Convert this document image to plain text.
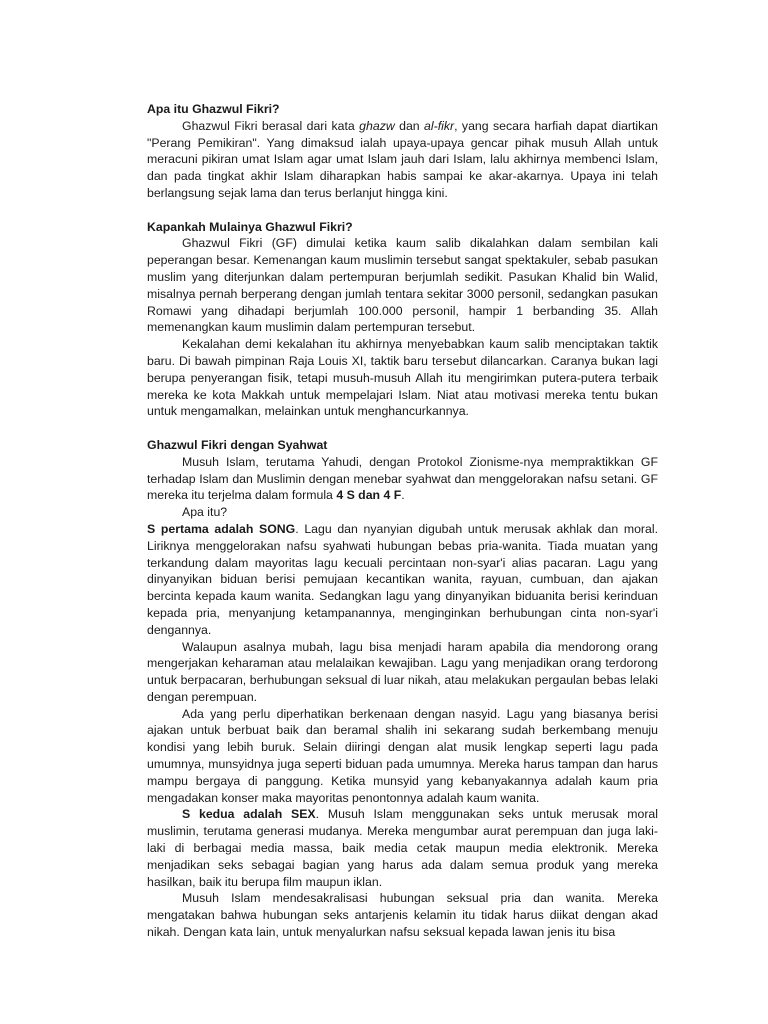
Apa itu Ghazwul Fikri?

Ghazwul Fikri berasal dari kata ghazw dan al-fikr, yang secara harfiah dapat diartikan "Perang Pemikiran". Yang dimaksud ialah upaya-upaya gencar pihak musuh Allah untuk meracuni pikiran umat Islam agar umat Islam jauh dari Islam, lalu akhirnya membenci Islam, dan pada tingkat akhir Islam diharapkan habis sampai ke akar-akarnya. Upaya ini telah berlangsung sejak lama dan terus berlanjut hingga kini.

Kapankah Mulainya Ghazwul Fikri?

Ghazwul Fikri (GF) dimulai ketika kaum salib dikalahkan dalam sembilan kali peperangan besar. Kemenangan kaum muslimin tersebut sangat spektakuler, sebab pasukan muslim yang diterjunkan dalam pertempuran berjumlah sedikit. Pasukan Khalid bin Walid, misalnya pernah berperang dengan jumlah tentara sekitar 3000 personil, sedangkan pasukan Romawi yang dihadapi berjumlah 100.000 personil, hampir 1 berbanding 35. Allah memenangkan kaum muslimin dalam pertempuran tersebut.

Kekalahan demi kekalahan itu akhirnya menyebabkan kaum salib menciptakan taktik baru. Di bawah pimpinan Raja Louis XI, taktik baru tersebut dilancarkan. Caranya bukan lagi berupa penyerangan fisik, tetapi musuh-musuh Allah itu mengirimkan putera-putera terbaik mereka ke kota Makkah untuk mempelajari Islam. Niat atau motivasi mereka tentu bukan untuk mengamalkan, melainkan untuk menghancurkannya.

Ghazwul Fikri dengan Syahwat

Musuh Islam, terutama Yahudi, dengan Protokol Zionisme-nya mempraktikkan GF terhadap Islam dan Muslimin dengan menebar syahwat dan menggelorakan nafsu setani. GF mereka itu terjelma dalam formula 4 S dan 4 F.

Apa itu?

S pertama adalah SONG. Lagu dan nyanyian digubah untuk merusak akhlak dan moral. Liriknya menggelorakan nafsu syahwati hubungan bebas pria-wanita. Tiada muatan yang terkandung dalam mayoritas lagu kecuali percintaan non-syar'i alias pacaran. Lagu yang dinyanyikan biduan berisi pemujaan kecantikan wanita, rayuan, cumbuan, dan ajakan bercinta kepada kaum wanita. Sedangkan lagu yang dinyanyikan biduanita berisi kerinduan kepada pria, menyanjung ketampanannya, menginginkan berhubungan cinta non-syar'i dengannya.

Walaupun asalnya mubah, lagu bisa menjadi haram apabila dia mendorong orang mengerjakan keharaman atau melalaikan kewajiban. Lagu yang menjadikan orang terdorong untuk berpacaran, berhubungan seksual di luar nikah, atau melakukan pergaulan bebas lelaki dengan perempuan.

Ada yang perlu diperhatikan berkenaan dengan nasyid. Lagu yang biasanya berisi ajakan untuk berbuat baik dan beramal shalih ini sekarang sudah berkembang menuju kondisi yang lebih buruk. Selain diiringi dengan alat musik lengkap seperti lagu pada umumnya, munsyidnya juga seperti biduan pada umumnya. Mereka harus tampan dan harus mampu bergaya di panggung. Ketika munsyid yang kebanyakannya adalah kaum pria mengadakan konser maka mayoritas penontonnya adalah kaum wanita.

S kedua adalah SEX. Musuh Islam menggunakan seks untuk merusak moral muslimin, terutama generasi mudanya. Mereka mengumbar aurat perempuan dan juga laki-laki di berbagai media massa, baik media cetak maupun media elektronik. Mereka menjadikan seks sebagai bagian yang harus ada dalam semua produk yang mereka hasilkan, baik itu berupa film maupun iklan.

Musuh Islam mendesakralisasi hubungan seksual pria dan wanita. Mereka mengatakan bahwa hubungan seks antarjenis kelamin itu tidak harus diikat dengan akad nikah. Dengan kata lain, untuk menyalurkan nafsu seksual kepada lawan jenis itu bisa
